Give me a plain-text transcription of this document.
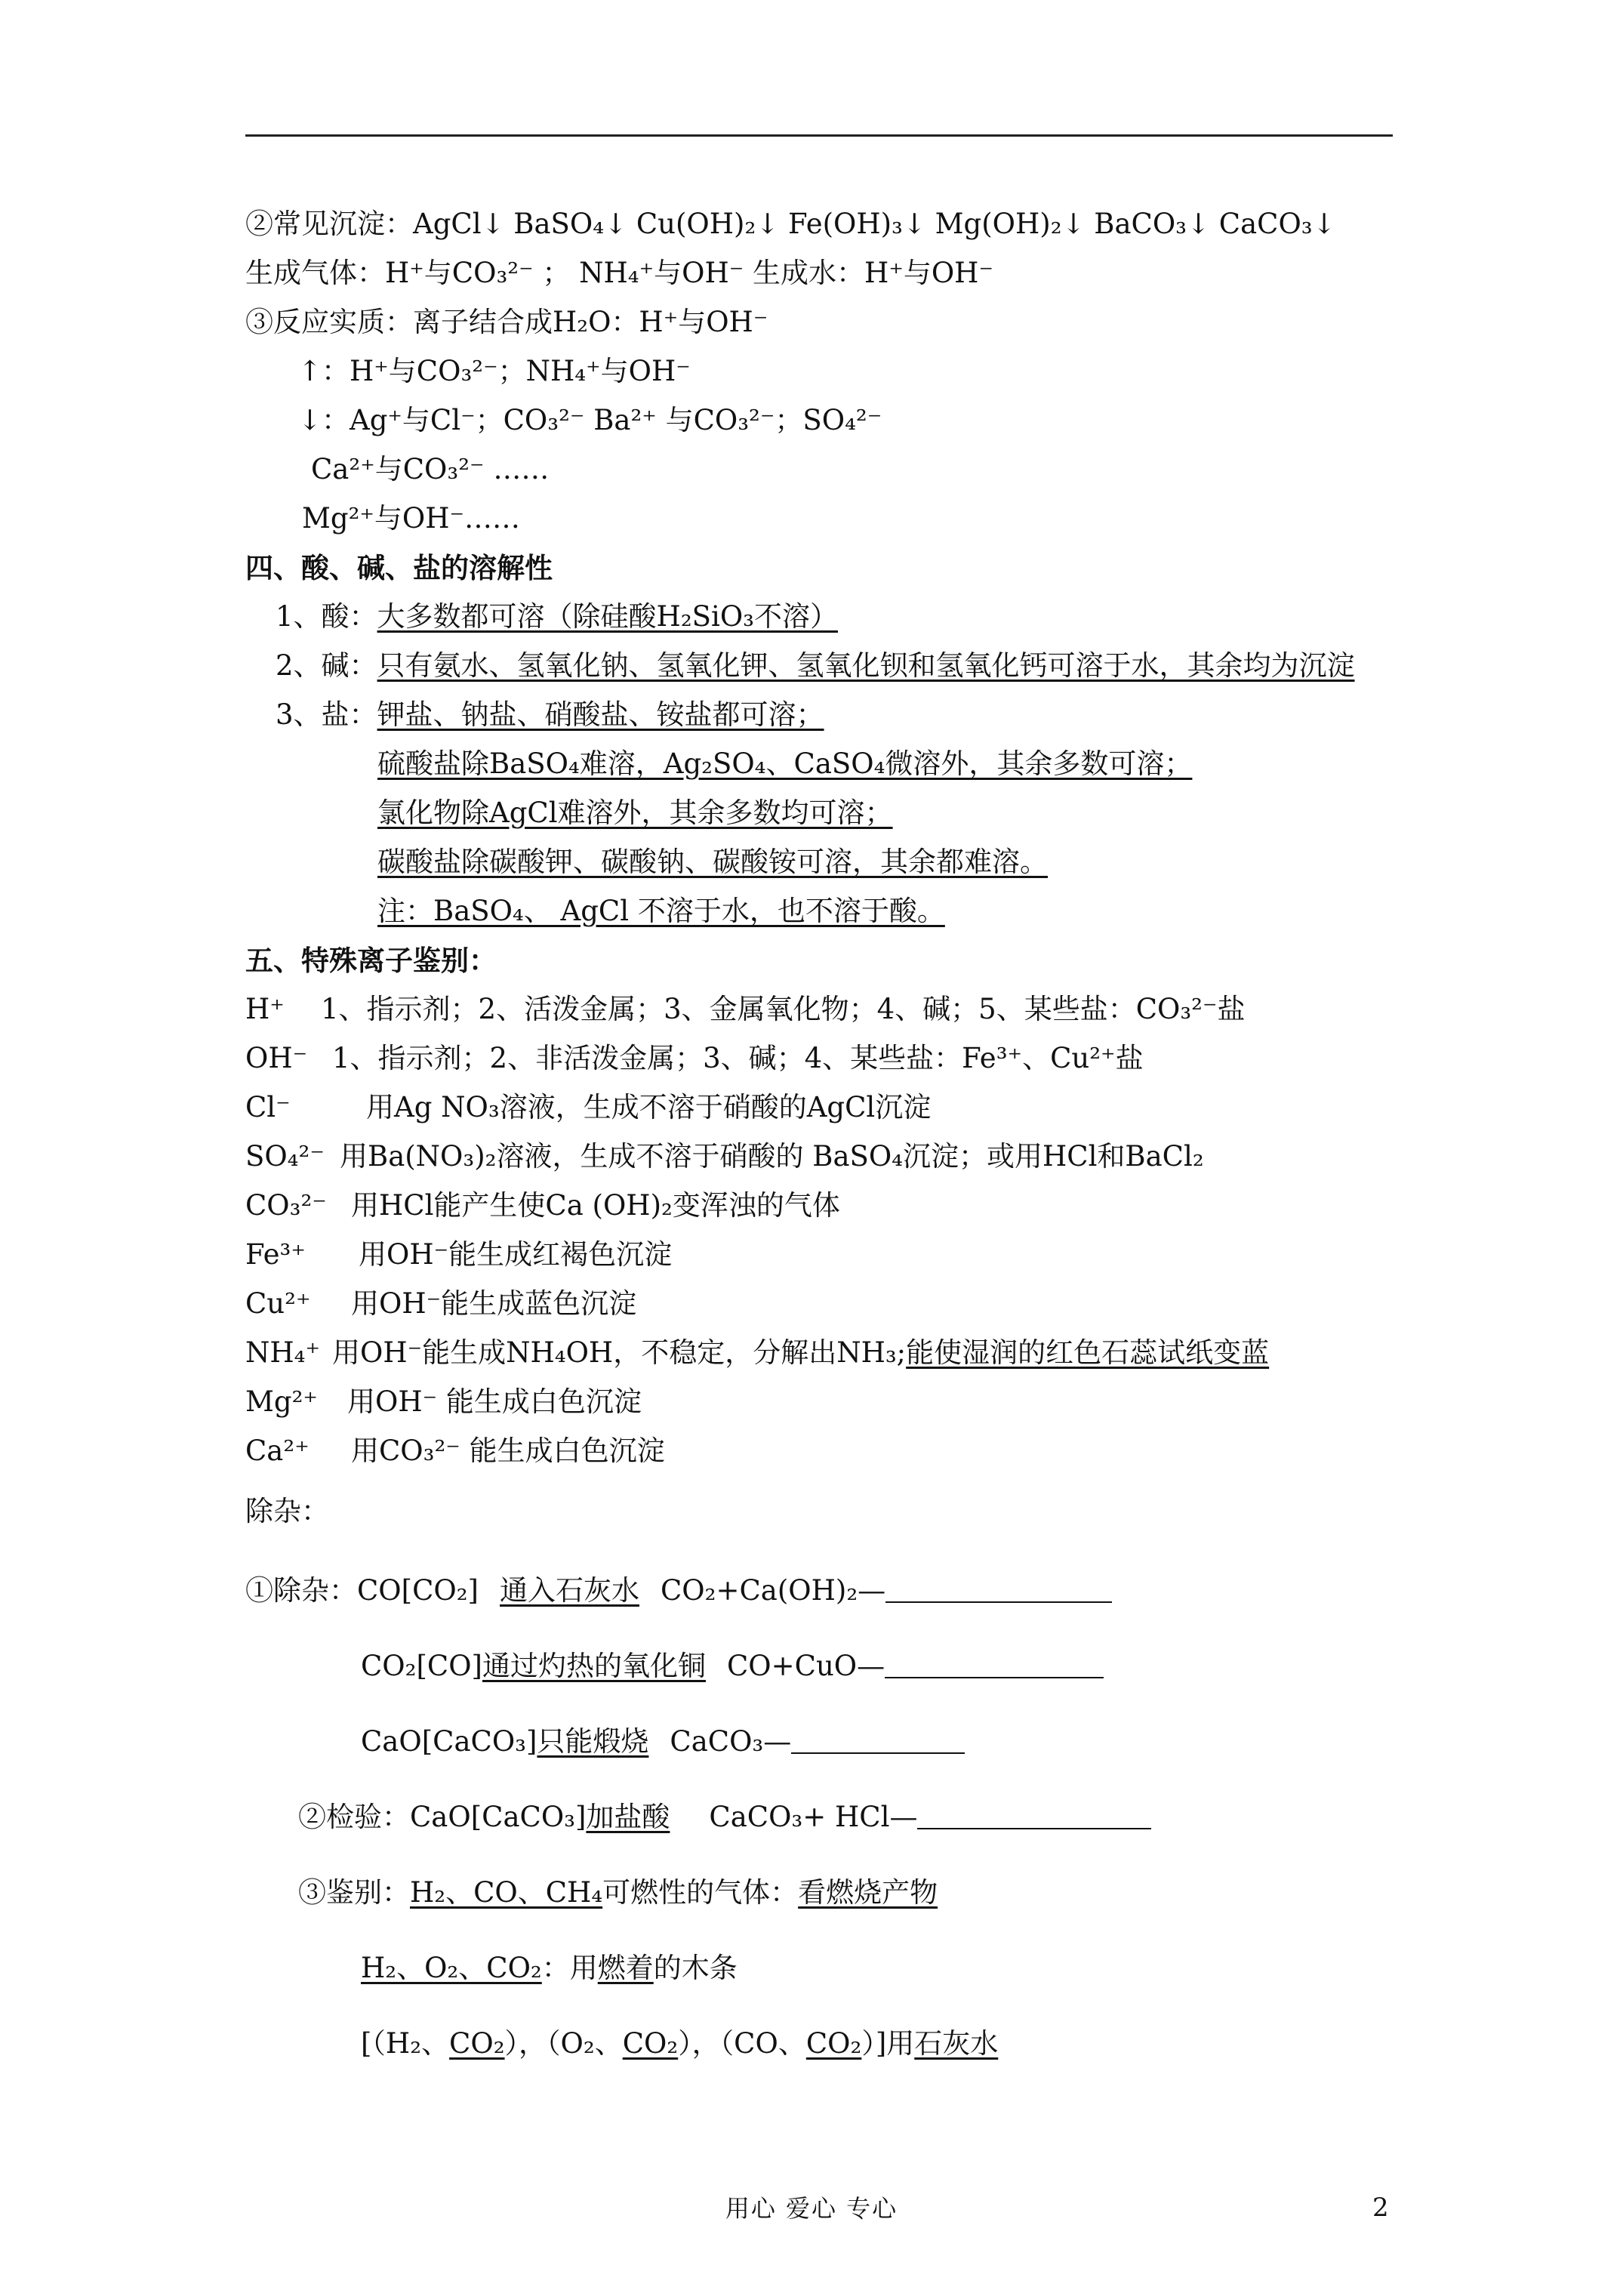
②常见沉淀：AgCl↓ BaSO₄↓ Cu(OH)₂↓ Fe(OH)₃↓ Mg(OH)₂↓ BaCO₃↓ CaCO₃↓
生成气体：H⁺与CO₃²⁻ ； NH₄⁺与OH⁻ 生成水：H⁺与OH⁻
③反应实质：离子结合成H₂O：H⁺与OH⁻
↑：H⁺与CO₃²⁻；NH₄⁺与OH⁻
↓：Ag⁺与Cl⁻；CO₃²⁻ Ba²⁺ 与CO₃²⁻；SO₄²⁻
Ca²⁺与CO₃²⁻ ……
Mg²⁺与OH⁻……
四、酸、碱、盐的溶解性
1、酸：大多数都可溶（除硅酸H₂SiO₃不溶）
2、碱：只有氨水、氢氧化钠、氢氧化钾、氢氧化钡和氢氧化钙可溶于水，其余均为沉淀
3、盐：钾盐、钠盐、硝酸盐、铵盐都可溶；
硫酸盐除BaSO₄难溶，Ag₂SO₄、CaSO₄微溶外，其余多数可溶；
氯化物除AgCl难溶外，其余多数均可溶；
碳酸盐除碳酸钾、碳酸钠、碳酸铵可溶，其余都难溶。
注：BaSO₄、 AgCl 不溶于水，也不溶于酸。
五、特殊离子鉴别：
H⁺ 1、指示剂；2、活泼金属；3、金属氧化物；4、碱；5、某些盐：CO₃²⁻盐
OH⁻ 1、指示剂；2、非活泼金属；3、碱；4、某些盐：Fe³⁺、Cu²⁺盐
Cl⁻	用Ag NO₃溶液，生成不溶于硝酸的AgCl沉淀
SO₄²⁻ 用Ba(NO₃)₂溶液，生成不溶于硝酸的 BaSO₄沉淀；或用HCl和BaCl₂
CO₃²⁻ 用HCl能产生使Ca (OH)₂变浑浊的气体
Fe³⁺ 用OH⁻能生成红褐色沉淀
Cu²⁺ 用OH⁻能生成蓝色沉淀
NH₄⁺ 用OH⁻能生成NH₄OH，不稳定，分解出NH₃;能使湿润的红色石蕊试纸变蓝
Mg²⁺ 用OH⁻ 能生成白色沉淀
Ca²⁺ 用CO₃²⁻ 能生成白色沉淀
除杂：
①除杂：CO[CO₂] 通入石灰水 CO₂+Ca(OH)₂—
CO₂[CO]通过灼热的氧化铜 CO+CuO—
CaO[CaCO₃]只能煅烧 CaCO₃—
②检验：CaO[CaCO₃]加盐酸 CaCO₃+ HCl—
③鉴别：H₂、CO、CH₄可燃性的气体：看燃烧产物
H₂、O₂、CO₂：用燃着的木条
[（H₂、CO₂），（O₂、CO₂），（CO、CO₂）]用石灰水
用心 爱心 专心	2
